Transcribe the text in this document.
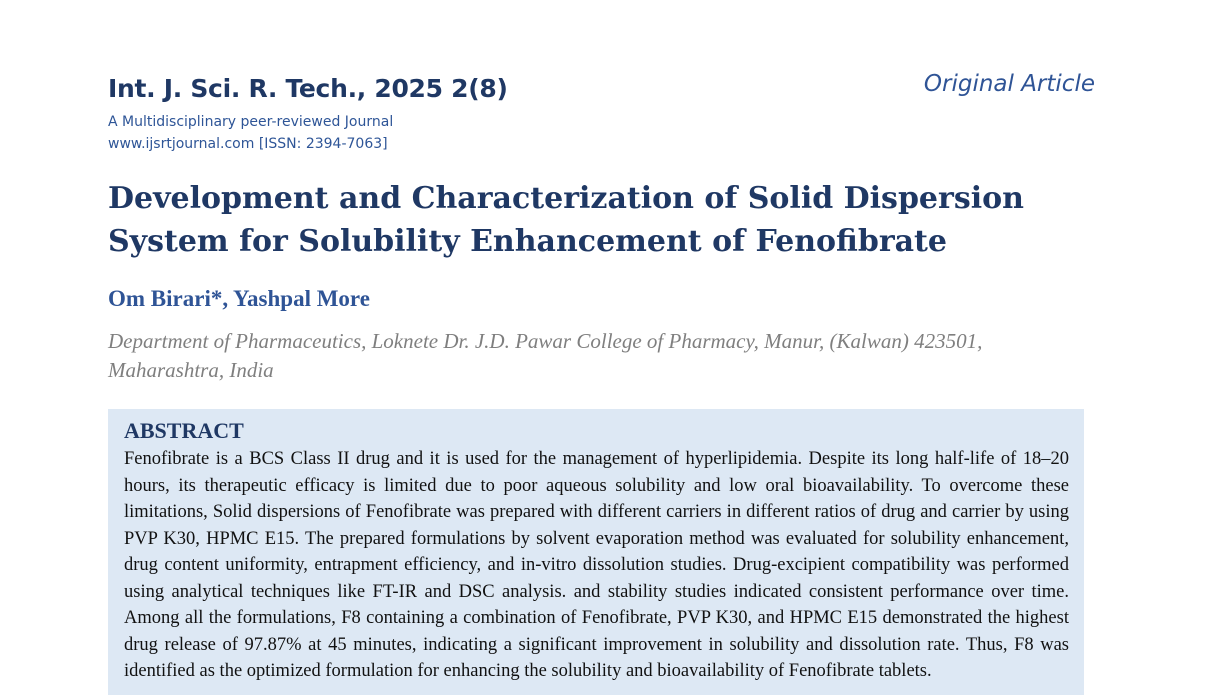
Int. J. Sci. R. Tech., 2025 2(8)	Original Article
A Multidisciplinary peer-reviewed Journal
www.ijsrtjournal.com [ISSN: 2394-7063]
Development and Characterization of Solid Dispersion System for Solubility Enhancement of Fenofibrate
Om Birari*, Yashpal More
Department of Pharmaceutics, Loknete Dr. J.D. Pawar College of Pharmacy, Manur, (Kalwan) 423501, Maharashtra, India
ABSTRACT

Fenofibrate is a BCS Class II drug and it is used for the management of hyperlipidemia. Despite its long half-life of 18–20 hours, its therapeutic efficacy is limited due to poor aqueous solubility and low oral bioavailability. To overcome these limitations, Solid dispersions of Fenofibrate was prepared with different carriers in different ratios of drug and carrier by using PVP K30, HPMC E15. The prepared formulations by solvent evaporation method was evaluated for solubility enhancement, drug content uniformity, entrapment efficiency, and in-vitro dissolution studies. Drug-excipient compatibility was performed using analytical techniques like FT-IR and DSC analysis. and stability studies indicated consistent performance over time. Among all the formulations, F8 containing a combination of Fenofibrate, PVP K30, and HPMC E15 demonstrated the highest drug release of 97.87% at 45 minutes, indicating a significant improvement in solubility and dissolution rate. Thus, F8 was identified as the optimized formulation for enhancing the solubility and bioavailability of Fenofibrate tablets.
